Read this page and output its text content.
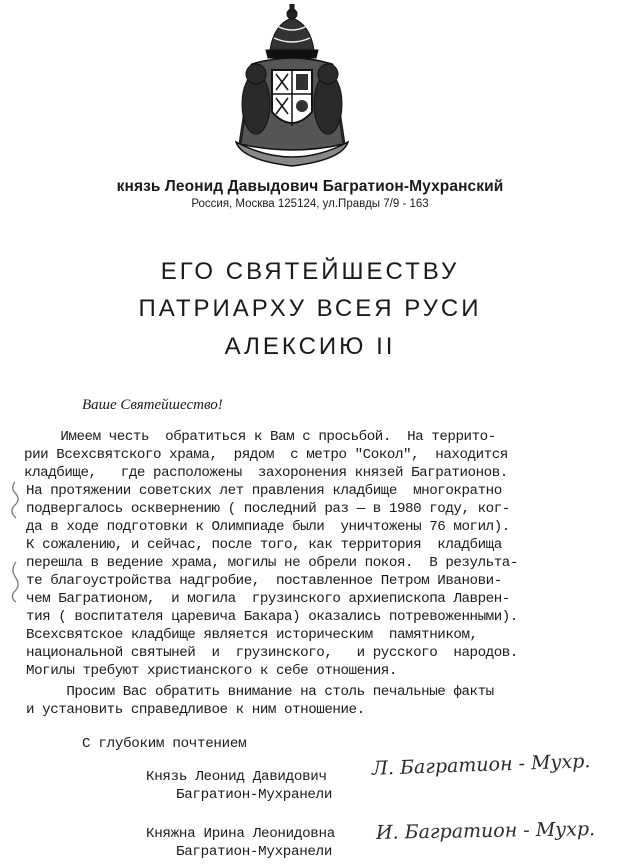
князь Леонид Давыдович Багратион-Мухранский
Россия, Москва 125124, ул.Правды 7/9 - 163
ЕГО СВЯТЕЙШЕСТВУ
ПАТРИАРХУ ВСЕЯ РУСИ
АЛЕКСИЮ II
Ваше Святейшество!
Имеем честь  обратиться к Вам с просьбой.  На террито-
рии Всехсвятского храма,  рядом  с метро "Сокол",  находится
кладбище,   где расположены  захоронения князей Багратионов.
На протяжении советских лет правления кладбище  многократно
подвергалось осквернению ( последний раз — в 1980 году, ког-
да в ходе подготовки к Олимпиаде были  уничтожены 76 могил).
К сожалению, и сейчас, после того, как территория  кладбища
перешла в ведение храма, могилы не обрели покоя.  В результа-
те благоустройства надгробие,  поставленное Петром Иванови-
чем Багратионом,  и могила  грузинского архиепископа Лаврен-
тия ( воспитателя царевича Бакара) оказались потревоженными).
Всехсвятское кладбище является историческим  памятником,
национальной святыней  и  грузинского,   и русского  народов.
Могилы требуют христианского к себе отношения.
Просим Вас обратить внимание на столь печальные факты
и установить справедливое к ним отношение.
С глубоким почтением
Князь Леонид Давидович
Багратион-Мухранели
Л. Багратион - Мухр.
Княжна Ирина Леонидовна
Багратион-Мухранели
И. Багратион - Мухр.
